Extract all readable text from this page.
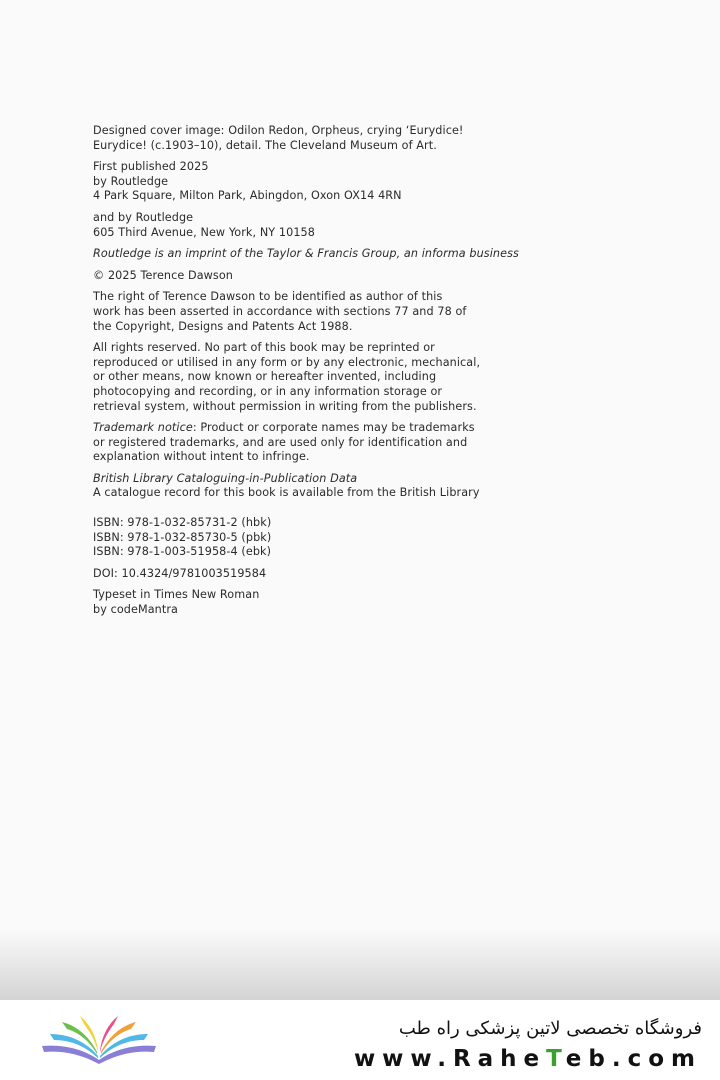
Designed cover image: Odilon Redon, Orpheus, crying ‘Eurydice!
Eurydice! (c.1903–10), detail. The Cleveland Museum of Art.
First published 2025
by Routledge
4 Park Square, Milton Park, Abingdon, Oxon OX14 4RN
and by Routledge
605 Third Avenue, New York, NY 10158
Routledge is an imprint of the Taylor & Francis Group, an informa business
© 2025 Terence Dawson
The right of Terence Dawson to be identified as author of this
work has been asserted in accordance with sections 77 and 78 of
the Copyright, Designs and Patents Act 1988.
All rights reserved. No part of this book may be reprinted or
reproduced or utilised in any form or by any electronic, mechanical,
or other means, now known or hereafter invented, including
photocopying and recording, or in any information storage or
retrieval system, without permission in writing from the publishers.
Trademark notice: Product or corporate names may be trademarks
or registered trademarks, and are used only for identification and
explanation without intent to infringe.
British Library Cataloguing-in-Publication Data
A catalogue record for this book is available from the British Library
ISBN: 978-1-032-85731-2 (hbk)
ISBN: 978-1-032-85730-5 (pbk)
ISBN: 978-1-003-51958-4 (ebk)
DOI: 10.4324/9781003519584
Typeset in Times New Roman
by codeMantra
فروشگاه تخصصی لاتین پزشکی راه طب
www.RaheTeb.com
